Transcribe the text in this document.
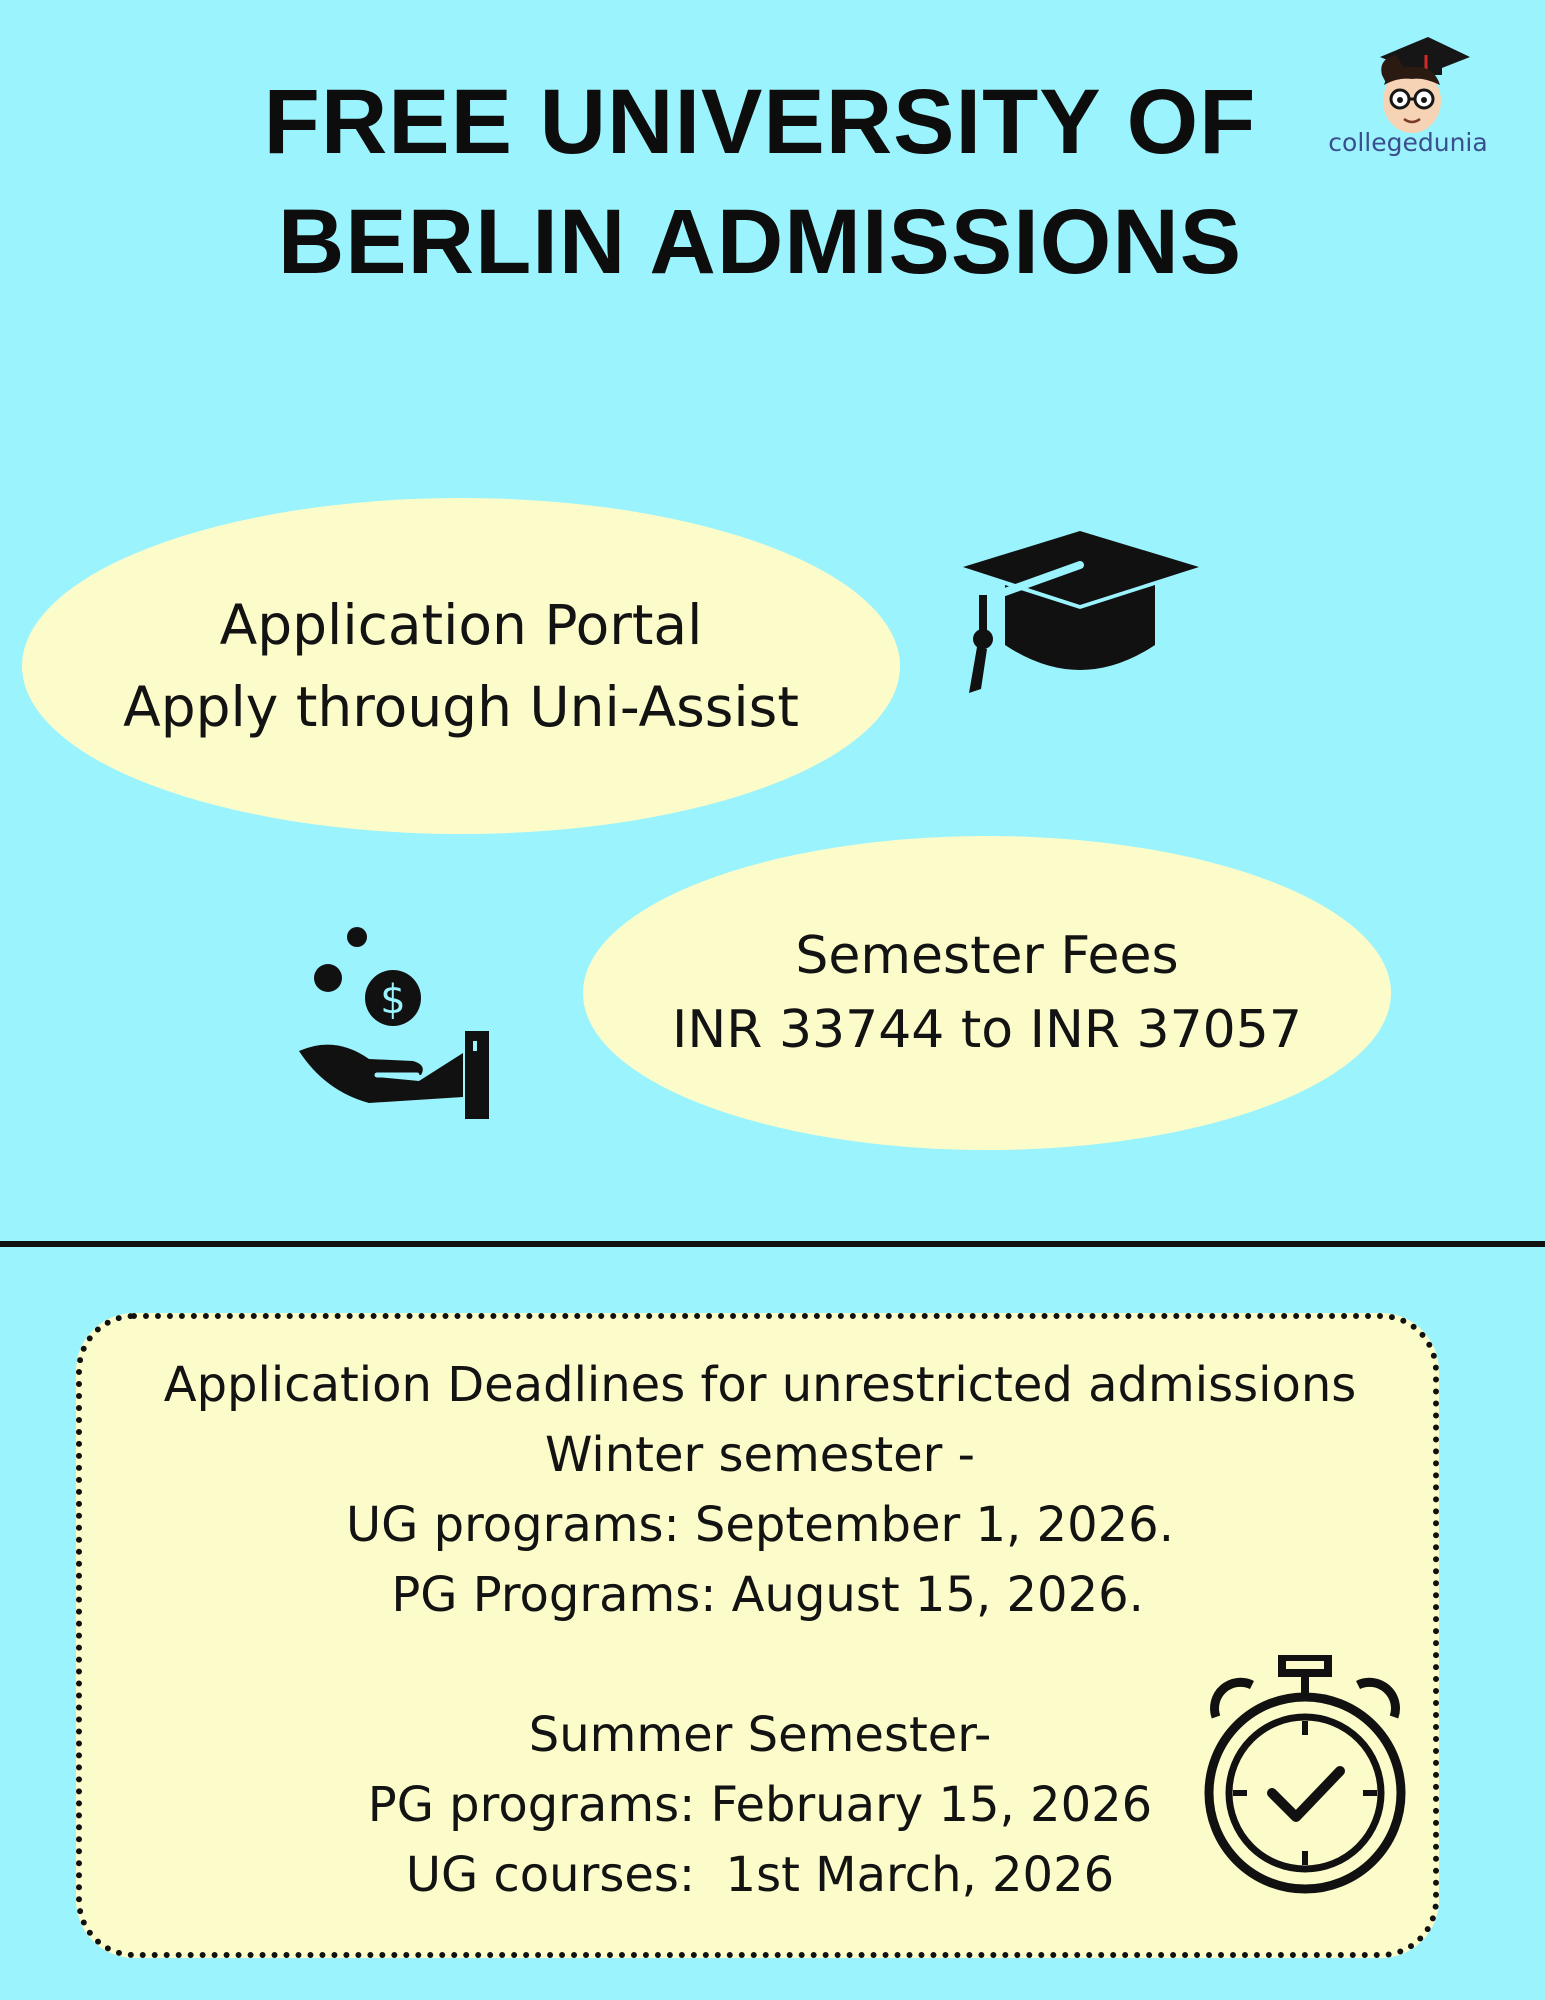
FREE UNIVERSITY OF
BERLIN ADMISSIONS
collegedunia
Application Portal
Apply through Uni-Assist
$
Semester Fees
INR 33744 to INR 37057
Application Deadlines for unrestricted admissions
Winter semester -
UG programs: September 1, 2026.
PG Programs: August 15, 2026.
Summer Semester-
PG programs: February 15, 2026
UG courses:  1st March, 2026
